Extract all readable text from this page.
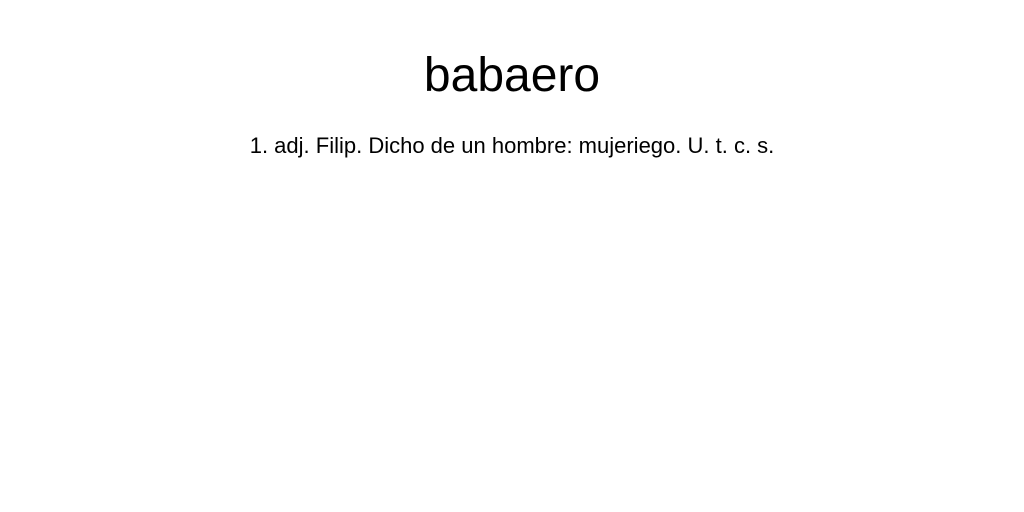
babaero

1. adj. Filip. Dicho de un hombre: mujeriego. U. t. c. s.
